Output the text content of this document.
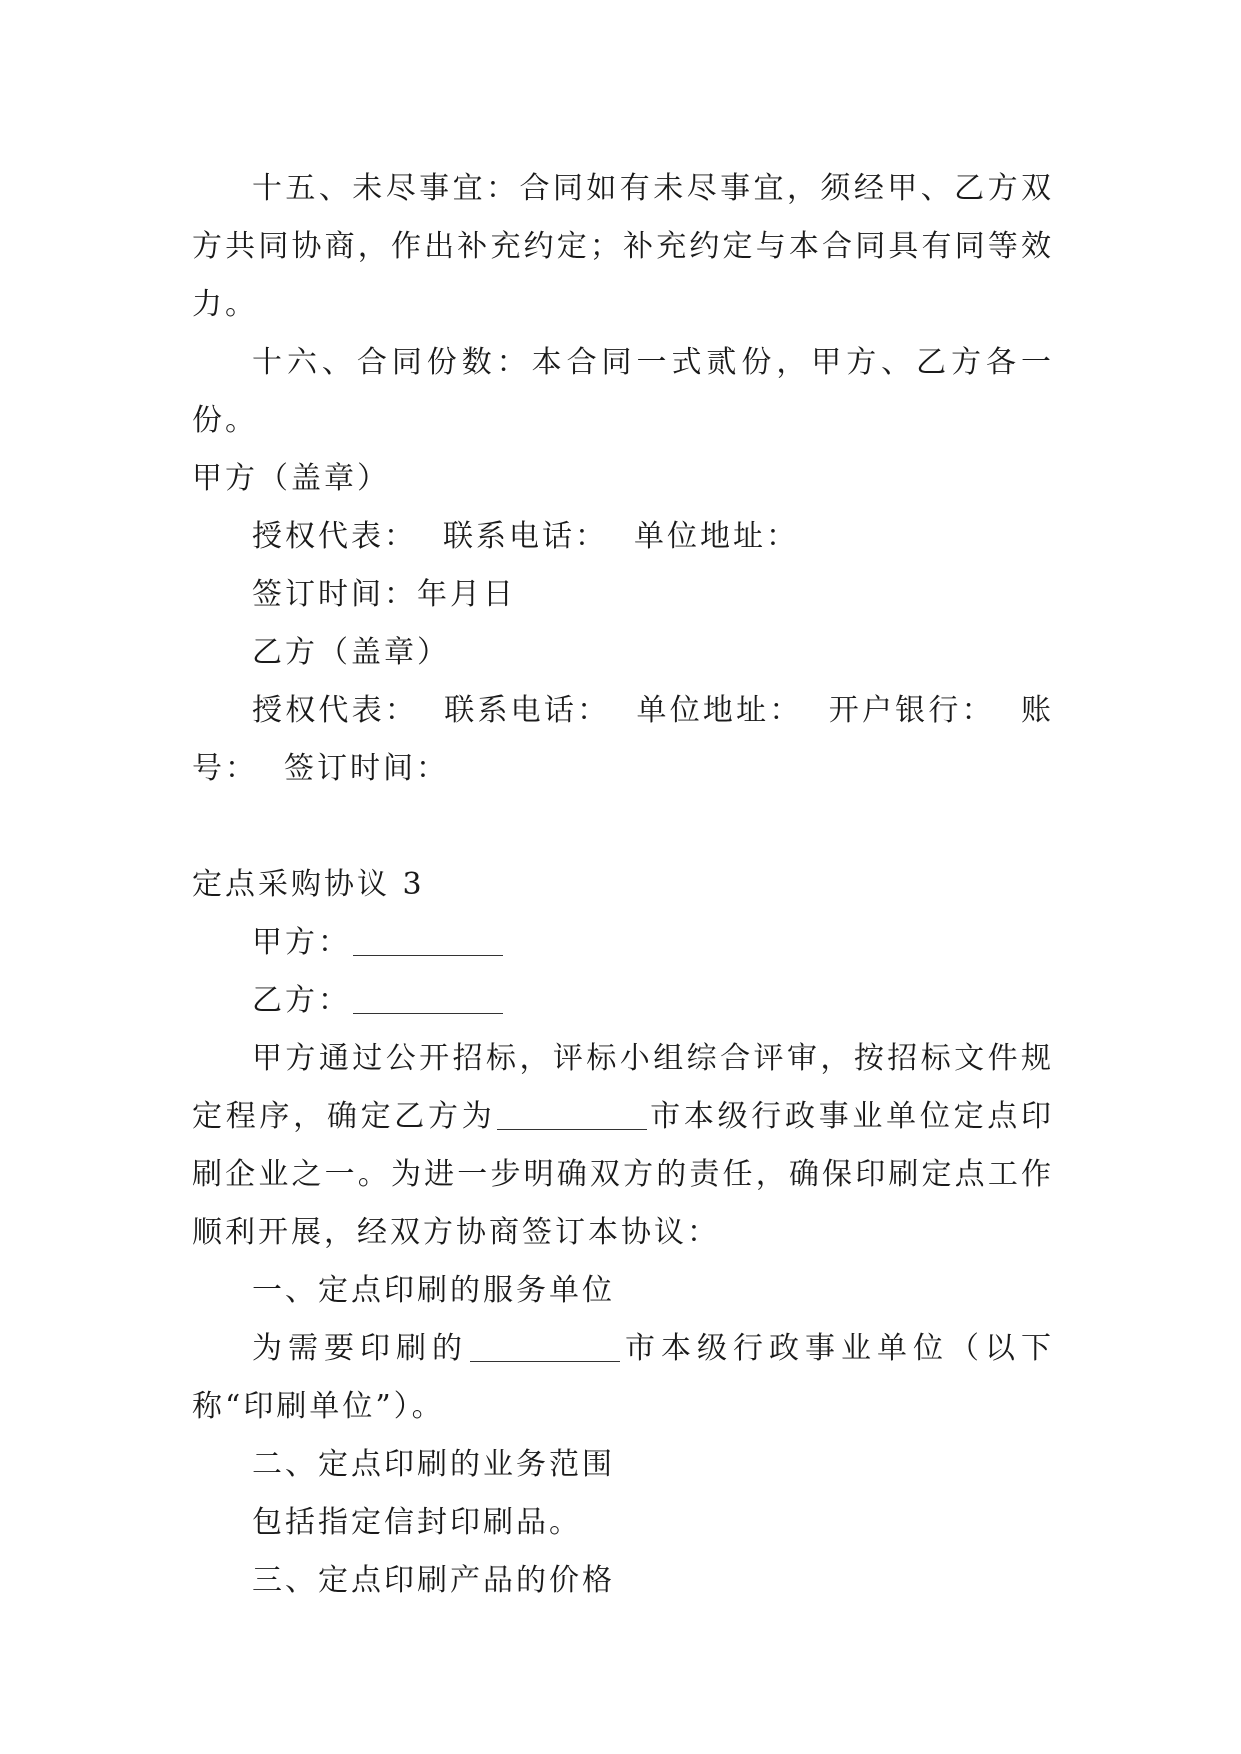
十五、未尽事宜：合同如有未尽事宜，须经甲、乙方双方共同协商，作出补充约定；补充约定与本合同具有同等效力。

十六、合同份数：本合同一式贰份，甲方、乙方各一份。

甲方（盖章）

授权代表： 联系电话： 单位地址：

签订时间：年月日

乙方（盖章）

授权代表： 联系电话： 单位地址： 开户银行： 账号： 签订时间：

定点采购协议 3

甲方：

乙方：

甲方通过公开招标，评标小组综合评审，按招标文件规定程序，确定乙方为	市本级行政事业单位定点印刷企业之一。为进一步明确双方的责任，确保印刷定点工作顺利开展，经双方协商签订本协议：

一、定点印刷的服务单位

为需要印刷的	市本级行政事业单位（以下称“印刷单位”）。

二、定点印刷的业务范围

包括指定信封印刷品。

三、定点印刷产品的价格
